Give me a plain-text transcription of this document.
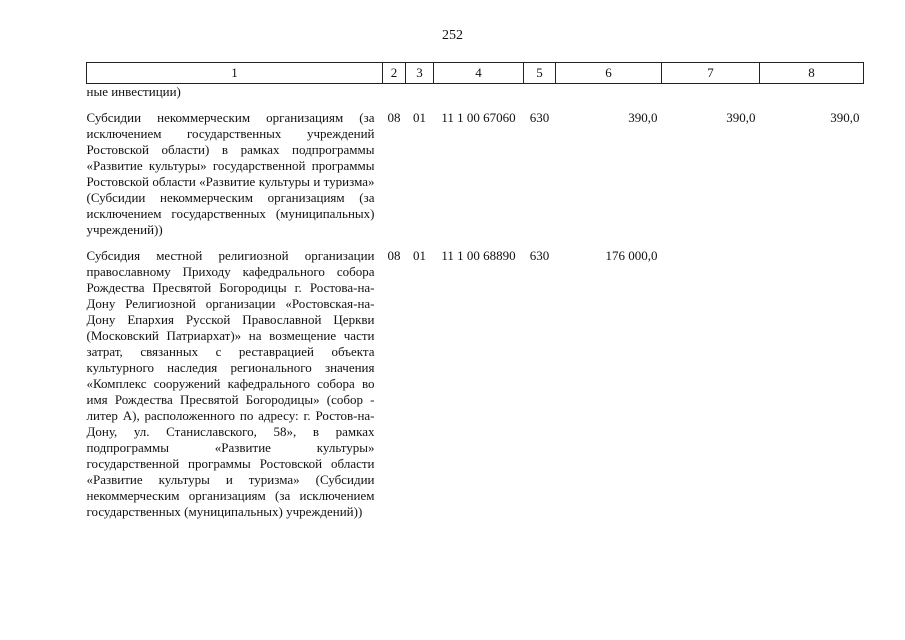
252
1	2	3	4	5	6	7	8
ные инвестиции)							

Субсидии некоммерческим организациям (за исключением государственных учреждений Ростовской области) в рамках подпрограммы «Развитие культуры» государственной программы Ростовской области «Развитие культуры и туризма» (Субсидии некоммерческим организациям (за исключением государственных (муниципальных) учреждений))	08	01	11 1 00 67060	630	390,0	390,0	390,0

Субсидия местной религиозной организации православному Приходу кафедрального собора Рождества Пресвятой Богородицы г. Ростова-на-Дону Религиозной организации «Ростовская-на-Дону Епархия Русской Православной Церкви (Московский Патриархат)» на возмещение части затрат, связанных с реставрацией объекта культурного наследия регионального значения «Комплекс сооружений кафедрального собора во имя Рождества Пресвятой Богородицы» (собор - литер А), расположенного по адресу: г. Ростов-на-Дону, ул. Станиславского, 58», в рамках подпрограммы «Развитие культуры» государственной программы Ростовской области «Развитие культуры и туризма» (Субсидии некоммерческим организациям (за исключением государственных (муниципальных) учреждений))	08	01	11 1 00 68890	630	176 000,0		
